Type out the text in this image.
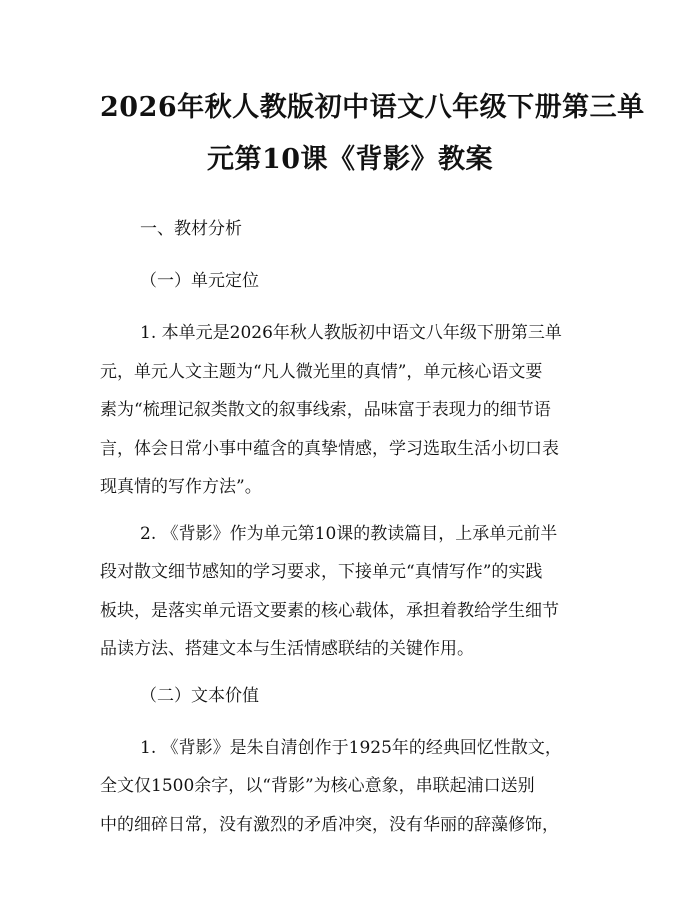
2026年秋人教版初中语文八年级下册第三单
元第10课《背影》教案
一、教材分析
（一）单元定位
1. 本单元是2026年秋人教版初中语文八年级下册第三单
元，单元人文主题为“凡人微光里的真情”，单元核心语文要
素为“梳理记叙类散文的叙事线索，品味富于表现力的细节语
言，体会日常小事中蕴含的真挚情感，学习选取生活小切口表
现真情的写作方法”。
2. 《背影》作为单元第10课的教读篇目，上承单元前半
段对散文细节感知的学习要求，下接单元“真情写作”的实践
板块，是落实单元语文要素的核心载体，承担着教给学生细节
品读方法、搭建文本与生活情感联结的关键作用。
（二）文本价值
1. 《背影》是朱自清创作于1925年的经典回忆性散文，
全文仅1500余字，以“背影”为核心意象，串联起浦口送别
中的细碎日常，没有激烈的矛盾冲突，没有华丽的辞藻修饰，
